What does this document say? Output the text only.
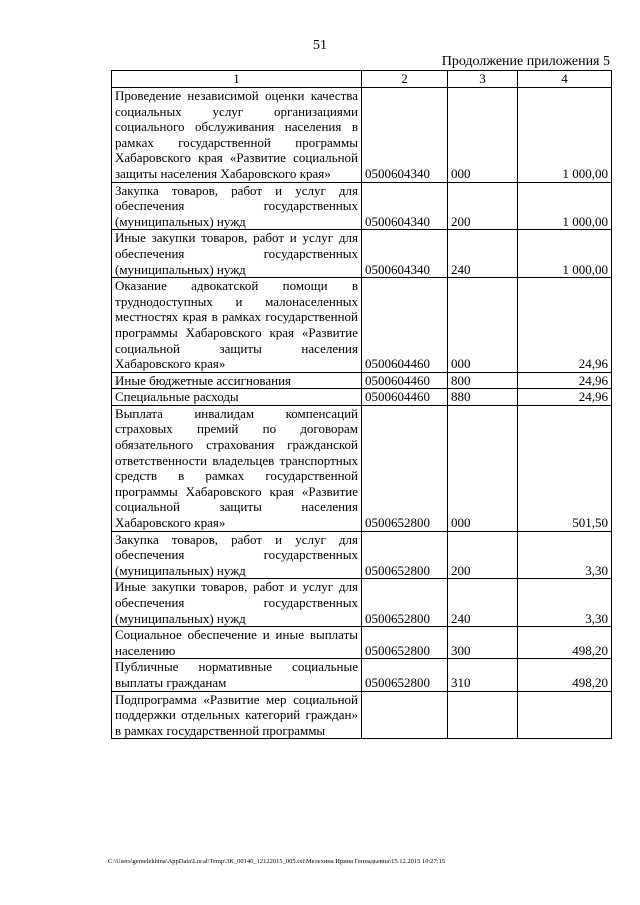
51
Продолжение приложения 5
1	2	3	4
Проведение независимой оценки качества социальных услуг организациями социального обслуживания населения в рамках государственной программы Хабаровского края «Развитие социальной защиты населения Хабаровского края»	0500604340	000	1 000,00
Закупка товаров, работ и услуг для обеспечения государственных (муниципальных) нужд	0500604340	200	1 000,00
Иные закупки товаров, работ и услуг для обеспечения государственных (муниципальных) нужд	0500604340	240	1 000,00
Оказание адвокатской помощи в труднодоступных и малонаселенных местностях края в рамках государственной программы Хабаровского края «Развитие социальной защиты населения Хабаровского края»	0500604460	000	24,96
Иные бюджетные ассигнования	0500604460	800	24,96
Специальные расходы	0500604460	880	24,96
Выплата инвалидам компенсаций страховых премий по договорам обязательного страхования гражданской ответственности владельцев транспортных средств в рамках государственной программы Хабаровского края «Развитие социальной защиты населения Хабаровского края»	0500652800	000	501,50
Закупка товаров, работ и услуг для обеспечения государственных (муниципальных) нужд	0500652800	200	3,30
Иные закупки товаров, работ и услуг для обеспечения государственных (муниципальных) нужд	0500652800	240	3,30
Социальное обеспечение и иные выплаты населению	0500652800	300	498,20
Публичные нормативные социальные выплаты гражданам	0500652800	310	498,20
Подпрограмма «Развитие мер социальной поддержки отдельных категорий граждан» в рамках государственной программы			
C:\Users\gemelekhina\AppData\Local\Temp\3K_00146_12122015_005.txt\Мелехина Ирина Геннадьевна\15.12.2015 10:27:15
